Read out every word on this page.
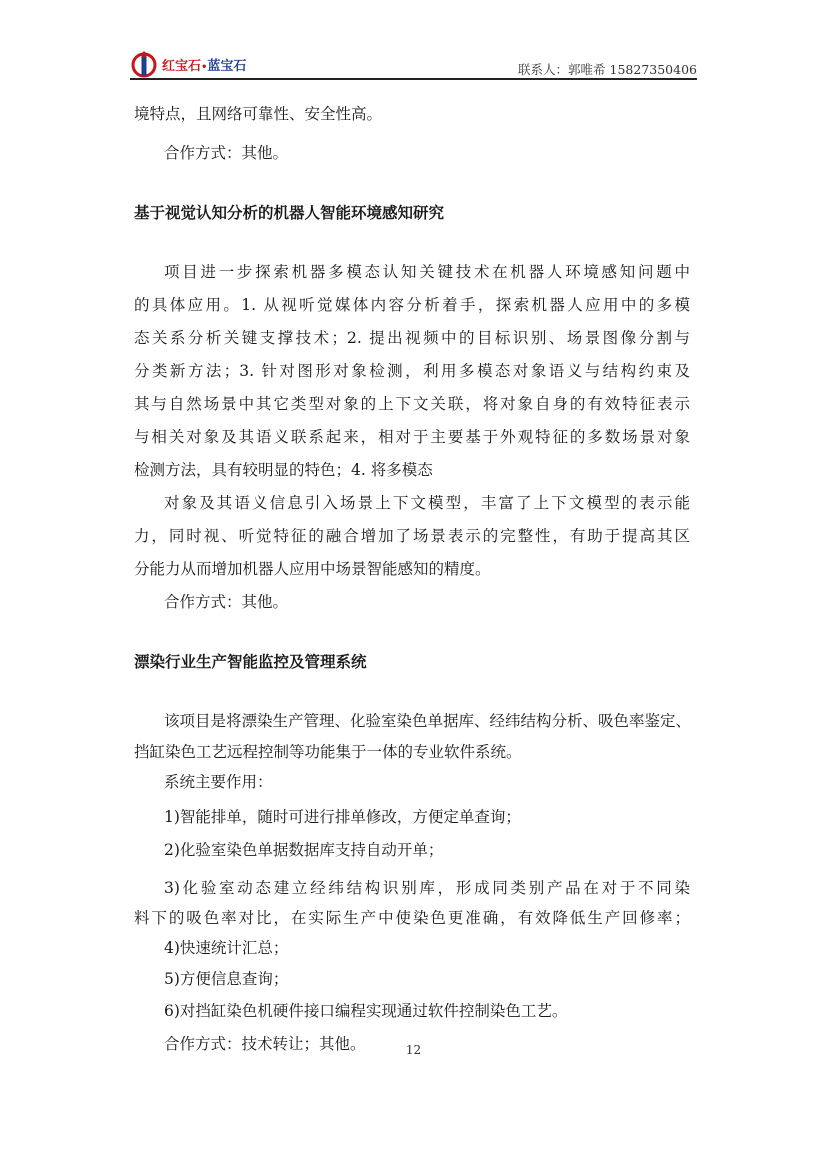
红宝石•蓝宝石	联系人：郭唯希 15827350406
境特点，且网络可靠性、安全性高。
合作方式：其他。
基于视觉认知分析的机器人智能环境感知研究
项目进一步探索机器多模态认知关键技术在机器人环境感知问题中
的具体应用。1. 从视听觉媒体内容分析着手，探索机器人应用中的多模
态关系分析关键支撑技术；2. 提出视频中的目标识别、场景图像分割与
分类新方法；3. 针对图形对象检测，利用多模态对象语义与结构约束及
其与自然场景中其它类型对象的上下文关联，将对象自身的有效特征表示
与相关对象及其语义联系起来，相对于主要基于外观特征的多数场景对象
检测方法，具有较明显的特色；4. 将多模态
对象及其语义信息引入场景上下文模型，丰富了上下文模型的表示能
力，同时视、听觉特征的融合增加了场景表示的完整性，有助于提高其区
分能力从而增加机器人应用中场景智能感知的精度。
合作方式：其他。
漂染行业生产智能监控及管理系统
该项目是将漂染生产管理、化验室染色单据库、经纬结构分析、吸色率鉴定、
挡缸染色工艺远程控制等功能集于一体的专业软件系统。
系统主要作用：
1)智能排单，随时可进行排单修改，方便定单查询；
2)化验室染色单据数据库支持自动开单；
3)化验室动态建立经纬结构识别库，形成同类别产品在对于不同染
料下的吸色率对比，在实际生产中使染色更准确，有效降低生产回修率；
4)快速统计汇总；
5)方便信息查询；
6)对挡缸染色机硬件接口编程实现通过软件控制染色工艺。
合作方式：技术转让；其他。	12
